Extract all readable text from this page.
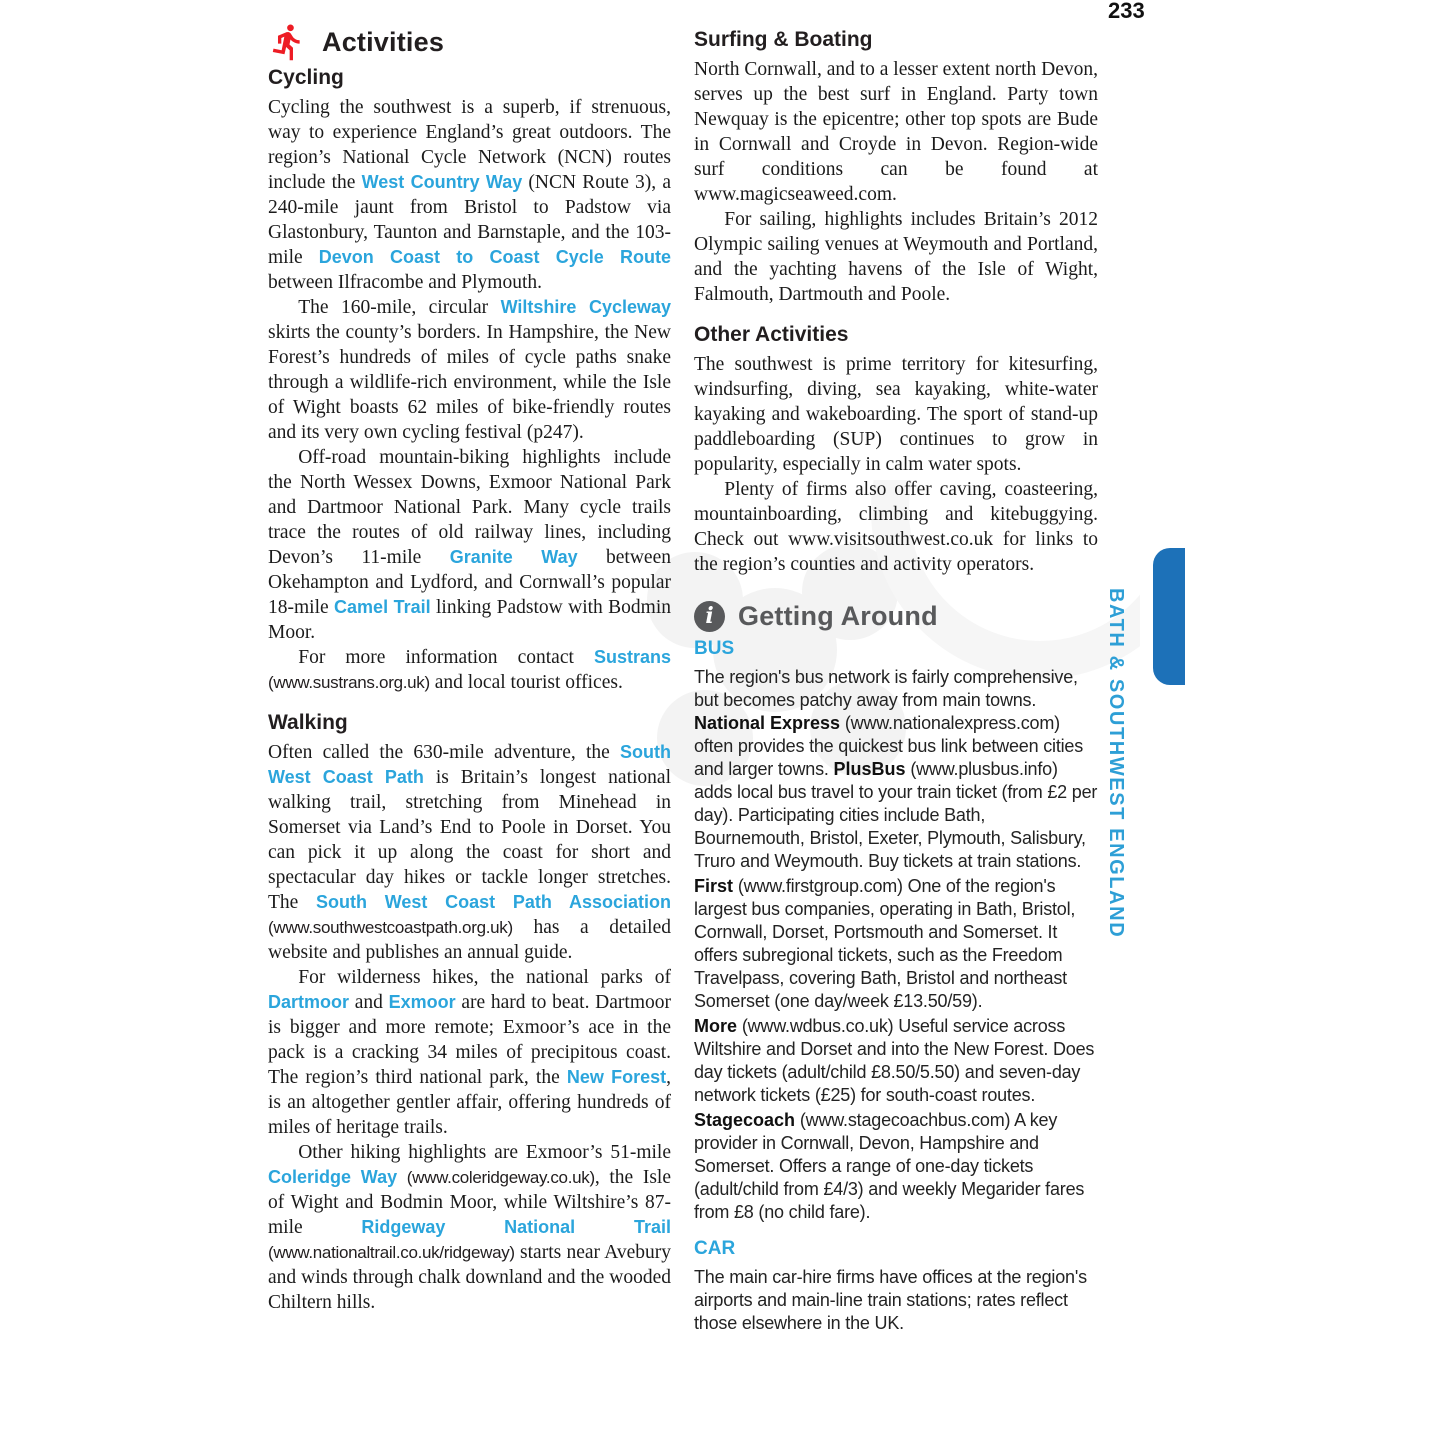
233
Activities
Cycling

Cycling the southwest is a superb, if strenuous, way to experience England’s great outdoors. The region’s National Cycle Network (NCN) routes include the West Country Way (NCN Route 3), a 240-mile jaunt from Bristol to Padstow via Glastonbury, Taunton and Barnstaple, and the 103-mile Devon Coast to Coast Cycle Route between Ilfracombe and Plymouth.

The 160-mile, circular Wiltshire Cycleway skirts the county’s borders. In Hampshire, the New Forest’s hundreds of miles of cycle paths snake through a wildlife-rich environment, while the Isle of Wight boasts 62 miles of bike-friendly routes and its very own cycling festival (p247).

Off-road mountain-biking highlights include the North Wessex Downs, Exmoor National Park and Dartmoor National Park. Many cycle trails trace the routes of old railway lines, including Devon’s 11-mile Granite Way between Okehampton and Lydford, and Cornwall’s popular 18-mile Camel Trail linking Padstow with Bodmin Moor.

For more information contact Sustrans (www.sustrans.org.uk) and local tourist offices.

Walking

Often called the 630-mile adventure, the South West Coast Path is Britain’s longest national walking trail, stretching from Minehead in Somerset via Land’s End to Poole in Dorset. You can pick it up along the coast for short and spectacular day hikes or tackle longer stretches. The South West Coast Path Association (www.southwestcoastpath.org.uk) has a detailed website and publishes an annual guide.

For wilderness hikes, the national parks of Dartmoor and Exmoor are hard to beat. Dartmoor is bigger and more remote; Exmoor’s ace in the pack is a cracking 34 miles of precipitous coast. The region’s third national park, the New Forest, is an altogether gentler affair, offering hundreds of miles of heritage trails.

Other hiking highlights are Exmoor’s 51-mile Coleridge Way (www.coleridgeway.co.uk), the Isle of Wight and Bodmin Moor, while Wiltshire’s 87-mile Ridgeway National Trail (www.nationaltrail.co.uk/ridgeway) starts near Avebury and winds through chalk downland and the wooded Chiltern hills.

Surfing & Boating

North Cornwall, and to a lesser extent north Devon, serves up the best surf in England. Party town Newquay is the epicentre; other top spots are Bude in Cornwall and Croyde in Devon. Region-wide surf conditions can be found at www.magicseaweed.com.

For sailing, highlights includes Britain’s 2012 Olympic sailing venues at Weymouth and Portland, and the yachting havens of the Isle of Wight, Falmouth, Dartmouth and Poole.

Other Activities

The southwest is prime territory for kitesurfing, windsurfing, diving, sea kayaking, white-water kayaking and wakeboarding. The sport of stand-up paddleboarding (SUP) continues to grow in popularity, especially in calm water spots.

Plenty of firms also offer caving, coasteering, mountainboarding, climbing and kitebuggying. Check out www.visitsouthwest.co.uk for links to the region’s counties and activity operators.

i Getting Around
BUS

The region's bus network is fairly comprehensive, but becomes patchy away from main towns. National Express (www.nationalexpress.com) often provides the quickest bus link between cities and larger towns. PlusBus (www.plusbus.info) adds local bus travel to your train ticket (from £2 per day). Participating cities include Bath, Bournemouth, Bristol, Exeter, Plymouth, Salisbury, Truro and Weymouth. Buy tickets at train stations.

First (www.firstgroup.com) One of the region's largest bus companies, operating in Bath, Bristol, Cornwall, Dorset, Portsmouth and Somerset. It offers subregional tickets, such as the Freedom Travelpass, covering Bath, Bristol and northeast Somerset (one day/week £13.50/59).

More (www.wdbus.co.uk) Useful service across Wiltshire and Dorset and into the New Forest. Does day tickets (adult/child £8.50/5.50) and seven-day network tickets (£25) for south-coast routes.

Stagecoach (www.stagecoachbus.com) A key provider in Cornwall, Devon, Hampshire and Somerset. Offers a range of one-day tickets (adult/child from £4/3) and weekly Megarider fares from £8 (no child fare).

CAR

The main car-hire firms have offices at the region's airports and main-line train stations; rates reflect those elsewhere in the UK.

BATH & SOUTHWEST ENGLAND
